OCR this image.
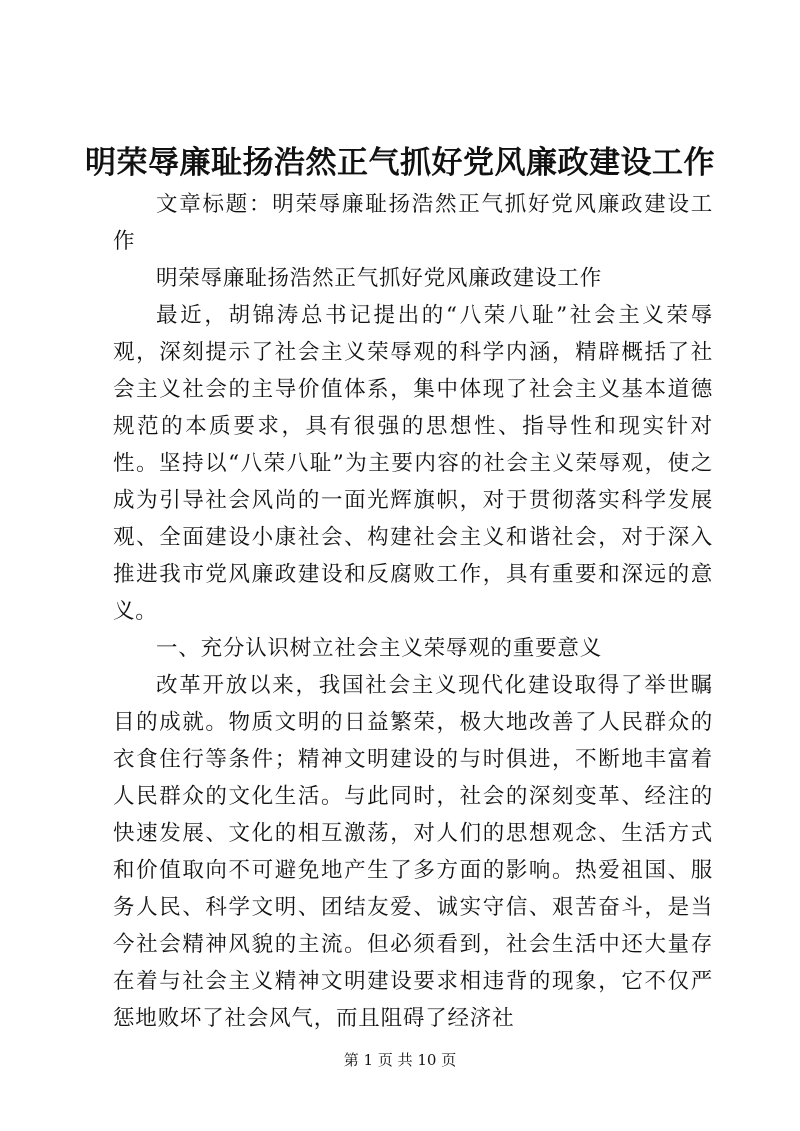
明荣辱廉耻扬浩然正气抓好党风廉政建设工作

文章标题：明荣辱廉耻扬浩然正气抓好党风廉政建设工作

明荣辱廉耻扬浩然正气抓好党风廉政建设工作

最近，胡锦涛总书记提出的“八荣八耻”社会主义荣辱观，深刻提示了社会主义荣辱观的科学内涵，精辟概括了社会主义社会的主导价值体系，集中体现了社会主义基本道德规范的本质要求，具有很强的思想性、指导性和现实针对性。坚持以“八荣八耻”为主要内容的社会主义荣辱观，使之成为引导社会风尚的一面光辉旗帜，对于贯彻落实科学发展观、全面建设小康社会、构建社会主义和谐社会，对于深入推进我市党风廉政建设和反腐败工作，具有重要和深远的意义。

一、充分认识树立社会主义荣辱观的重要意义

改革开放以来，我国社会主义现代化建设取得了举世瞩目的成就。物质文明的日益繁荣，极大地改善了人民群众的衣食住行等条件；精神文明建设的与时俱进，不断地丰富着人民群众的文化生活。与此同时，社会的深刻变革、经注的快速发展、文化的相互激荡，对人们的思想观念、生活方式和价值取向不可避免地产生了多方面的影响。热爱祖国、服务人民、科学文明、团结友爱、诚实守信、艰苦奋斗，是当今社会精神风貌的主流。但必须看到，社会生活中还大量存在着与社会主义精神文明建设要求相违背的现象，它不仅严惩地败坏了社会风气，而且阻碍了经济社

第 1 页 共 10 页
